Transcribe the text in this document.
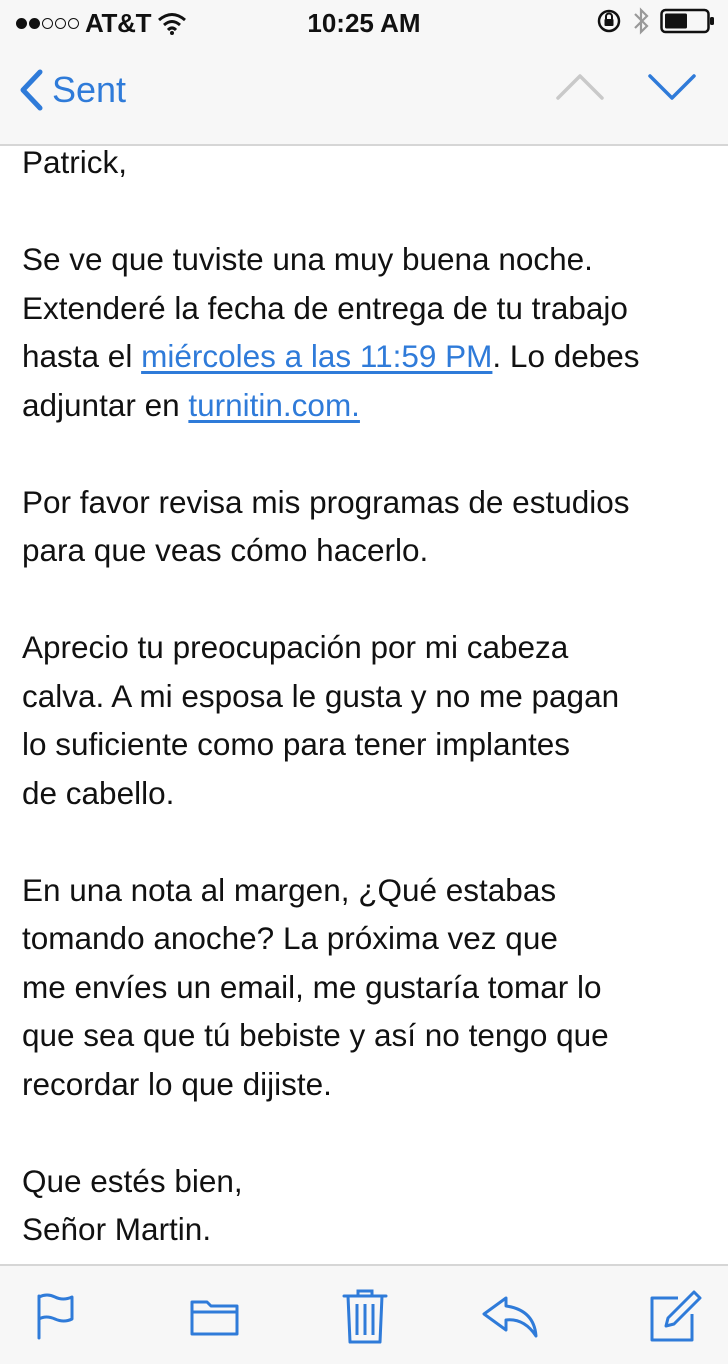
AT&T	10:25 AM
Sent

Patrick,

Se ve que tuviste una muy buena noche.
Extenderé la fecha de entrega de tu trabajo
hasta el miércoles a las 11:59 PM. Lo debes
adjuntar en turnitin.com.

Por favor revisa mis programas de estudios
para que veas cómo hacerlo.

Aprecio tu preocupación por mi cabeza
calva. A mi esposa le gusta y no me pagan
lo suficiente como para tener implantes
de cabello.

En una nota al margen, ¿Qué estabas
tomando anoche? La próxima vez que
me envíes un email, me gustaría tomar lo
que sea que tú bebiste y así no tengo que
recordar lo que dijiste.

Que estés bien,
Señor Martin.
